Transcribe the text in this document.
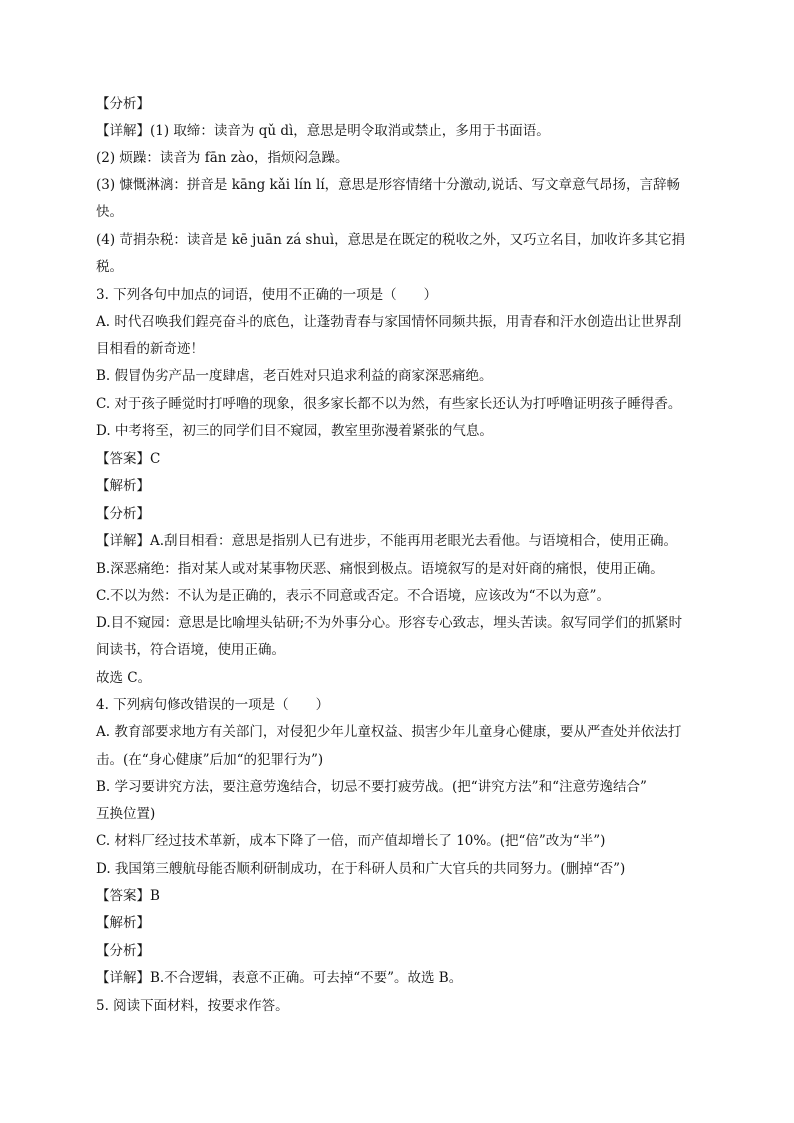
【分析】
【详解】(1) 取缔：读音为 qǔ dì，意思是明令取消或禁止，多用于书面语。
(2) 烦躁：读音为 fān zào，指烦闷急躁。
(3) 慷慨淋漓：拼音是 kāng kǎi lín lí，意思是形容情绪十分激动,说话、写文章意气昂扬，言辞畅
快。
(4) 苛捐杂税：读音是 kē juān zá shuì，意思是在既定的税收之外，又巧立名目，加收许多其它捐
税。
3. 下列各句中加点的词语，使用不正确的一项是（　　）
A. 时代召唤我们鋥亮奋斗的底色，让蓬勃青春与家国情怀同频共振，用青春和汗水创造出让世界刮
目相看的新奇迹！
B. 假冒伪劣产品一度肆虐，老百姓对只追求利益的商家深恶痛绝。
C. 对于孩子睡觉时打呼噜的现象，很多家长都不以为然，有些家长还认为打呼噜证明孩子睡得香。
D. 中考将至，初三的同学们目不窥园，教室里弥漫着紧张的气息。
【答案】C
【解析】
【分析】
【详解】A.刮目相看：意思是指别人已有进步，不能再用老眼光去看他。与语境相合，使用正确。
B.深恶痛绝：指对某人或对某事物厌恶、痛恨到极点。语境叙写的是对奸商的痛恨，使用正确。
C.不以为然：不认为是正确的，表示不同意或否定。不合语境，应该改为“不以为意”。
D.目不窥园：意思是比喻埋头钻研;不为外事分心。形容专心致志，埋头苦读。叙写同学们的抓紧时
间读书，符合语境，使用正确。
故选 C。
4. 下列病句修改错误的一项是（　　）
A. 教育部要求地方有关部门，对侵犯少年儿童权益、损害少年儿童身心健康，要从严查处并依法打
击。(在“身心健康”后加“的犯罪行为”)
B. 学习要讲究方法，要注意劳逸结合，切忌不要打疲劳战。(把“讲究方法”和“注意劳逸结合”
互换位置)
C. 材料厂经过技术革新，成本下降了一倍，而产值却增长了 10%。(把“倍”改为“半”)
D. 我国第三艘航母能否顺利研制成功，在于科研人员和广大官兵的共同努力。(删掉“否”)
【答案】B
【解析】
【分析】
【详解】B.不合逻辑，表意不正确。可去掉“不要”。故选 B。
5. 阅读下面材料，按要求作答。
